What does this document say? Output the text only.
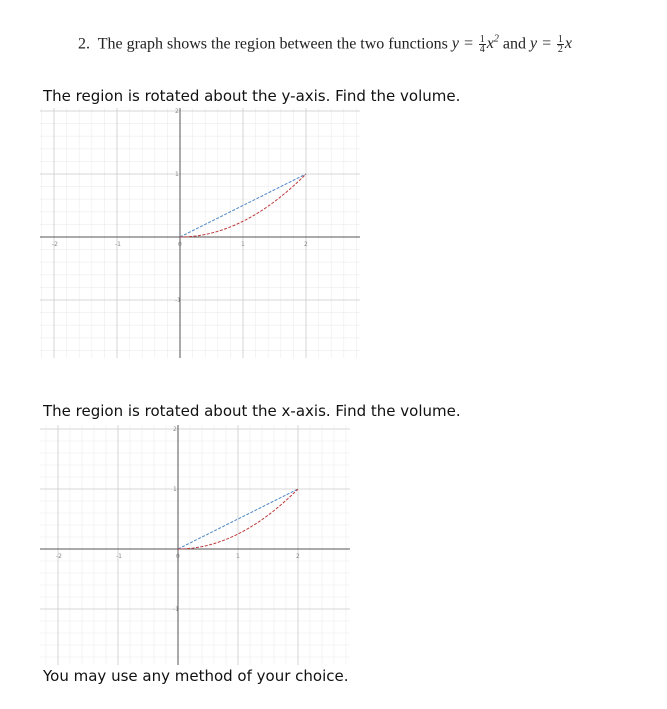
2. The graph shows the region between the two functions $y = \frac{1}{4} x^2$ and $y = \frac{1}{2}$ x
The region is rotated about the y-axis. Find the volume.
-2	-1	0	1	2
2
1
-1
The region is rotated about the x-axis. Find the volume.
-2	-1	0	1	2
2
1
-1
You may use any method of your choice.
